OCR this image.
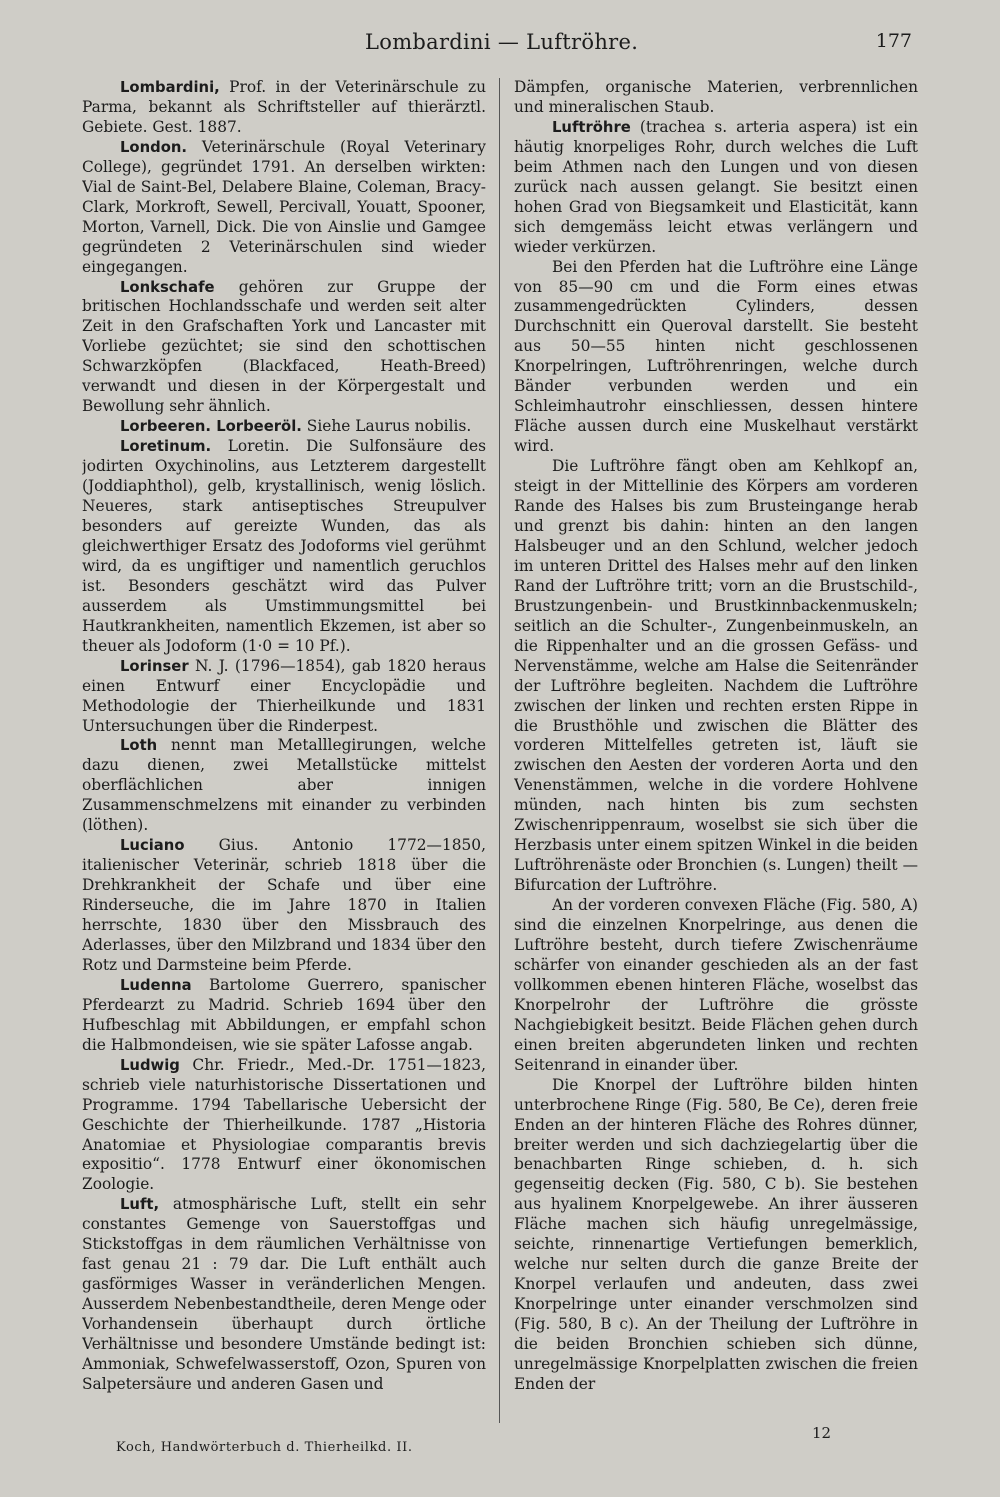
Lombardini — Luftröhre.	177

Lombardini, Prof. in der Veterinärschule zu Parma, bekannt als Schriftsteller auf thierärztl. Gebiete. Gest. 1887.

London. Veterinärschule (Royal Veterinary College), gegründet 1791. An derselben wirkten: Vial de Saint-Bel, Delabere Blaine, Coleman, Bracy-Clark, Morkroft, Sewell, Percivall, Youatt, Spooner, Morton, Varnell, Dick. Die von Ainslie und Gamgee gegründeten 2 Veterinärschulen sind wieder eingegangen.

Lonkschafe gehören zur Gruppe der britischen Hochlandsschafe und werden seit alter Zeit in den Grafschaften York und Lancaster mit Vorliebe gezüchtet; sie sind den schottischen Schwarzköpfen (Blackfaced, Heath-Breed) verwandt und diesen in der Körpergestalt und Bewollung sehr ähnlich.

Lorbeeren. Lorbeeröl. Siehe Laurus nobilis.

Loretinum. Loretin. Die Sulfonsäure des jodirten Oxychinolins, aus Letzterem dargestellt (Joddiaphthol), gelb, krystallinisch, wenig löslich. Neueres, stark antiseptisches Streupulver besonders auf gereizte Wunden, das als gleichwerthiger Ersatz des Jodoforms viel gerühmt wird, da es ungiftiger und namentlich geruchlos ist. Besonders geschätzt wird das Pulver ausserdem als Umstimmungsmittel bei Hautkrankheiten, namentlich Ekzemen, ist aber so theuer als Jodoform (1·0 = 10 Pf.).

Lorinser N. J. (1796—1854), gab 1820 heraus einen Entwurf einer Encyclopädie und Methodologie der Thierheilkunde und 1831 Untersuchungen über die Rinderpest.

Loth nennt man Metalllegirungen, welche dazu dienen, zwei Metallstücke mittelst oberflächlichen aber innigen Zusammenschmelzens mit einander zu verbinden (löthen).

Luciano Gius. Antonio 1772—1850, italienischer Veterinär, schrieb 1818 über die Drehkrankheit der Schafe und über eine Rinderseuche, die im Jahre 1870 in Italien herrschte, 1830 über den Missbrauch des Aderlasses, über den Milzbrand und 1834 über den Rotz und Darmsteine beim Pferde.

Ludenna Bartolome Guerrero, spanischer Pferdearzt zu Madrid. Schrieb 1694 über den Hufbeschlag mit Abbildungen, er empfahl schon die Halbmondeisen, wie sie später Lafosse angab.

Ludwig Chr. Friedr., Med.-Dr. 1751—1823, schrieb viele naturhistorische Dissertationen und Programme. 1794 Tabellarische Uebersicht der Geschichte der Thierheilkunde. 1787 „Historia Anatomiae et Physiologiae comparantis brevis expositio“. 1778 Entwurf einer ökonomischen Zoologie.

Luft, atmosphärische Luft, stellt ein sehr constantes Gemenge von Sauerstoffgas und Stickstoffgas in dem räumlichen Verhältnisse von fast genau 21 : 79 dar. Die Luft enthält auch gasförmiges Wasser in veränderlichen Mengen. Ausserdem Nebenbestandtheile, deren Menge oder Vorhandensein überhaupt durch örtliche Verhältnisse und besondere Umstände bedingt ist: Ammoniak, Schwefelwasserstoff, Ozon, Spuren von Salpetersäure und anderen Gasen und

Dämpfen, organische Materien, verbrennlichen und mineralischen Staub.

Luftröhre (trachea s. arteria aspera) ist ein häutig knorpeliges Rohr, durch welches die Luft beim Athmen nach den Lungen und von diesen zurück nach aussen gelangt. Sie besitzt einen hohen Grad von Biegsamkeit und Elasticität, kann sich demgemäss leicht etwas verlängern und wieder verkürzen.

Bei den Pferden hat die Luftröhre eine Länge von 85—90 cm und die Form eines etwas zusammengedrückten Cylinders, dessen Durchschnitt ein Queroval darstellt. Sie besteht aus 50—55 hinten nicht geschlossenen Knorpelringen, Luftröhrenringen, welche durch Bänder verbunden werden und ein Schleimhautrohr einschliessen, dessen hintere Fläche aussen durch eine Muskelhaut verstärkt wird.

Die Luftröhre fängt oben am Kehlkopf an, steigt in der Mittellinie des Körpers am vorderen Rande des Halses bis zum Brusteingange herab und grenzt bis dahin: hinten an den langen Halsbeuger und an den Schlund, welcher jedoch im unteren Drittel des Halses mehr auf den linken Rand der Luftröhre tritt; vorn an die Brustschild-, Brustzungenbein- und Brustkinnbackenmuskeln; seitlich an die Schulter-, Zungenbeinmuskeln, an die Rippenhalter und an die grossen Gefäss- und Nervenstämme, welche am Halse die Seitenränder der Luftröhre begleiten. Nachdem die Luftröhre zwischen der linken und rechten ersten Rippe in die Brusthöhle und zwischen die Blätter des vorderen Mittelfelles getreten ist, läuft sie zwischen den Aesten der vorderen Aorta und den Venenstämmen, welche in die vordere Hohlvene münden, nach hinten bis zum sechsten Zwischenrippenraum, woselbst sie sich über die Herzbasis unter einem spitzen Winkel in die beiden Luftröhrenäste oder Bronchien (s. Lungen) theilt — Bifurcation der Luftröhre.

An der vorderen convexen Fläche (Fig. 580, A) sind die einzelnen Knorpelringe, aus denen die Luftröhre besteht, durch tiefere Zwischenräume schärfer von einander geschieden als an der fast vollkommen ebenen hinteren Fläche, woselbst das Knorpelrohr der Luftröhre die grösste Nachgiebigkeit besitzt. Beide Flächen gehen durch einen breiten abgerundeten linken und rechten Seitenrand in einander über.

Die Knorpel der Luftröhre bilden hinten unterbrochene Ringe (Fig. 580, Be Ce), deren freie Enden an der hinteren Fläche des Rohres dünner, breiter werden und sich dachziegelartig über die benachbarten Ringe schieben, d. h. sich gegenseitig decken (Fig. 580, C b). Sie bestehen aus hyalinem Knorpelgewebe. An ihrer äusseren Fläche machen sich häufig unregelmässige, seichte, rinnenartige Vertiefungen bemerklich, welche nur selten durch die ganze Breite der Knorpel verlaufen und andeuten, dass zwei Knorpelringe unter einander verschmolzen sind (Fig. 580, B c). An der Theilung der Luftröhre in die beiden Bronchien schieben sich dünne, unregelmässige Knorpelplatten zwischen die freien Enden der

Koch, Handwörterbuch d. Thierheilkd. II.
12
